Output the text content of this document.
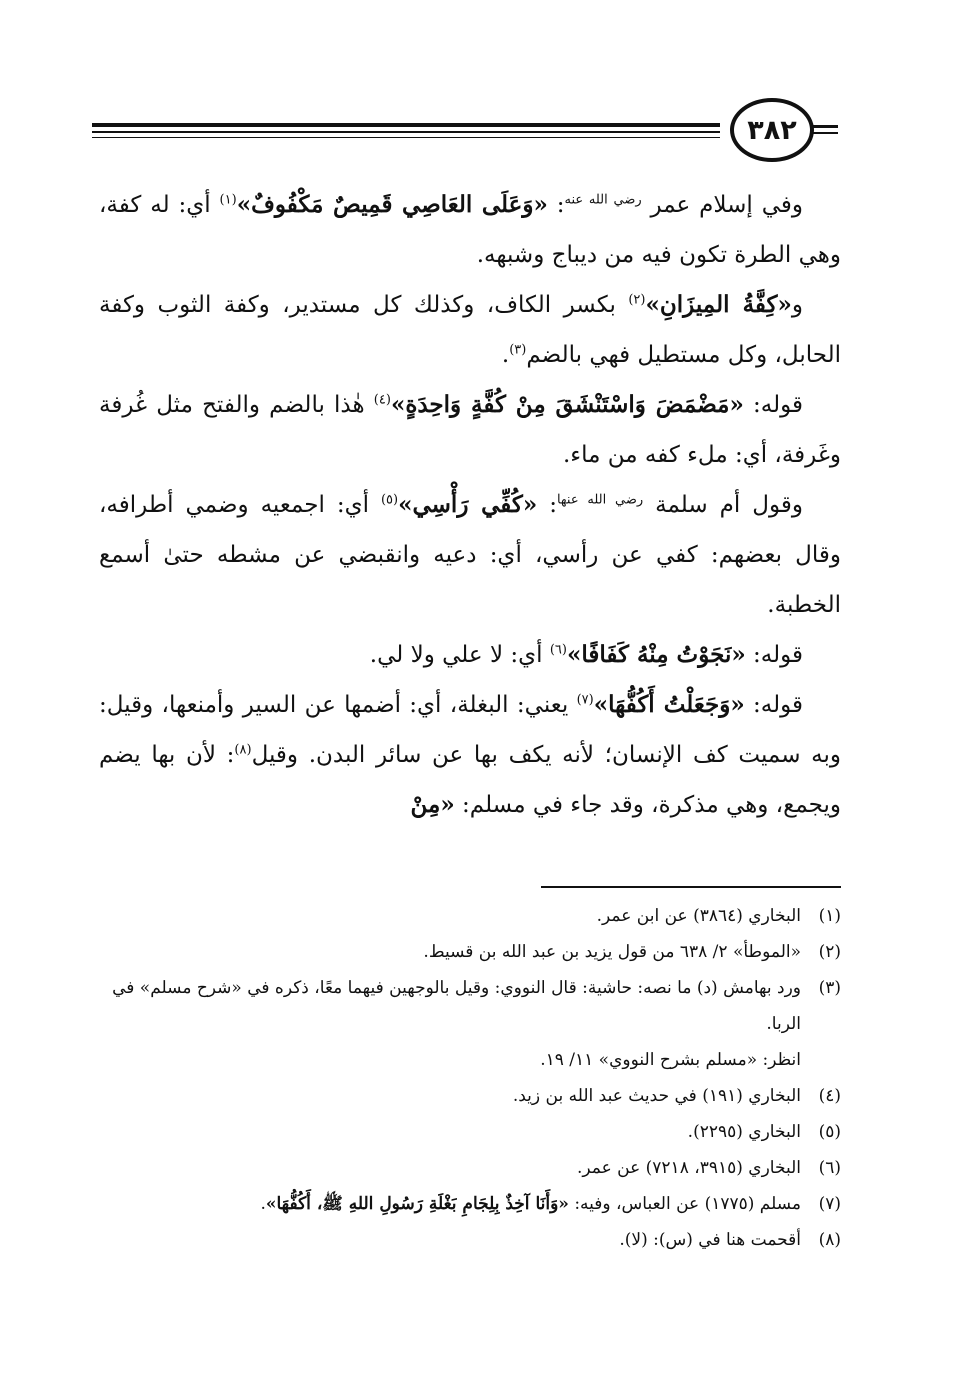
٣٨٢

وفي إسلام عمر $^{رضي الله عنه}$: «وَعَلَى العَاصِي قَمِيصٌ مَكْفُوفٌ»$^{(١)}$ أي: له كفة، وهي الطرة تكون فيه من ديباج وشبهه.

و«كِفَّةُ المِيزَانِ»$^{(٢)}$ بكسر الكاف، وكذلك كل مستدير، وكفة الثوب وكفة الحابل، وكل مستطيل فهي بالضم$^{(٣)}$.

قوله: «مَضْمَضَ وَاسْتَنْشَقَ مِنْ كُفَّةٍ وَاحِدَةٍ»$^{(٤)}$ هٰذا بالضم والفتح مثل غُرفة وغَرفة، أي: ملء كفه من ماء.

وقول أم سلمة $^{رضي الله عنها}$: «كُفِّي رَأْسِي»$^{(٥)}$ أي: اجمعيه وضمي أطرافه، وقال بعضهم: كفي عن رأسي، أي: دعيه وانقبضي عن مشطه حتىٰ أسمع الخطبة.

قوله: «نَجَوْتُ مِنْهُ كَفَافًا»$^{(٦)}$ أي: لا علي ولا لي.

قوله: «وَجَعَلْتُ أَكُفُّهَا»$^{(٧)}$ يعني: البغلة، أي: أضمها عن السير وأمنعها، وقيل: وبه سميت كف الإنسان؛ لأنه يكف بها عن سائر البدن. وقيل$^{(٨)}$: لأن بها يضم ويجمع، وهي مذكرة، وقد جاء في مسلم: «مِنْ

(١)
البخاري (٣٨٦٤) عن ابن عمر.
(٢)
«الموطأ» ٢/ ٦٣٨ من قول يزيد بن عبد الله بن قسيط.
(٣)
ورد بهامش (د) ما نصه: حاشية: قال النووي: وقيل بالوجهين فيهما معًا، ذكره في «شرح مسلم» في الربا.
انظر: «مسلم بشرح النووي» ١١/ ١٩.
(٤)
البخاري (١٩١) في حديث عبد الله بن زيد.
(٥)
البخاري (٢٢٩٥).
(٦)
البخاري (٣٩١٥، ٧٢١٨) عن عمر.
(٧)
مسلم (١٧٧٥) عن العباس، وفيه: «وَأَنَا آخِذٌ بِلِجَامِ بَغْلَةِ رَسُولِ اللهِ ﷺ، أَكُفُّهَا».
(٨)
أقحمت هنا في (س): (لا).
